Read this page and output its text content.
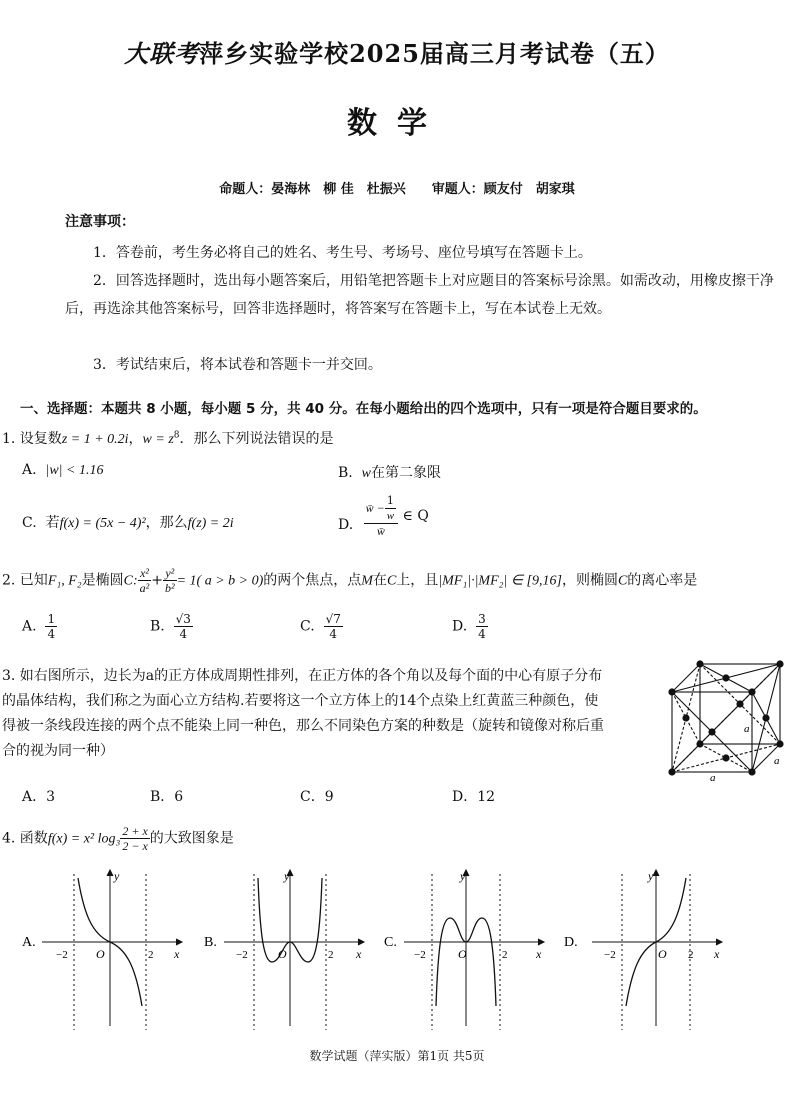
大联考萍乡实验学校2025届高三月考试卷（五）
数学
命题人：晏海林　柳 佳　杜振兴　　审题人：顾友付　胡家琪
注意事项：
1．答卷前，考生务必将自己的姓名、考生号、考场号、座位号填写在答题卡上。
2．回答选择题时，选出每小题答案后，用铅笔把答题卡上对应题目的答案标号涂黑。如需改动，用橡皮擦干净后，再选涂其他答案标号，回答非选择题时，将答案写在答题卡上，写在本试卷上无效。
3．考试结束后，将本试卷和答题卡一并交回。
一、选择题：本题共 8 小题，每小题 5 分，共 40 分。在每小题给出的四个选项中，只有一项是符合题目要求的。
1. 设复数z = 1 + 0.2i，$w = z^8$．那么下列说法错误的是
A. |w| < 1.16	B. w在第二象限
C. 若f(x) = (5x − 4)²，那么f(z) = 2i	D. $\frac{w̄ - \frac{1}{w}}{w̄}$ ∈ Q
2. 已知F₁, F₂是椭圆C: $\frac{\text{x²}}{\text{a²}} + \frac{\text{y²}}{\text{b²}} = 1$( a > b > 0)的两个焦点，点M在C上，且|MF₁|·|MF₂| ∈ [9,16]，则椭圆C的离心率是
A. $\frac{1}{4}$	B. $\frac{√3}{4}$	C. $\frac{√7}{4}$	D. $\frac{3}{4}$
3. 如右图所示，边长为a的正方体成周期性排列，在正方体的各个角以及每个面的中心有原子分布
的晶体结构，我们称之为面心立方结构.若要将这一个立方体上的14个点染上红黄蓝三种颜色，使
得被一条线段连接的两个点不能染上同一种色，那么不同染色方案的种数是（旋转和镜像对称后重
合的视为同一种）
A．3	B．6	C．9	D．12
a
a
a
4. 函数f(x) = x² $\log_3 \frac{2 + x}{2 - x}$ 的大致图象是
A.
y
x
O
−2	2
B.
y
x
O
−2	2
C.
y
x
O
−2	2
D.
y
x
O
−2	2
数学试题（萍实版）第1页 共5页
